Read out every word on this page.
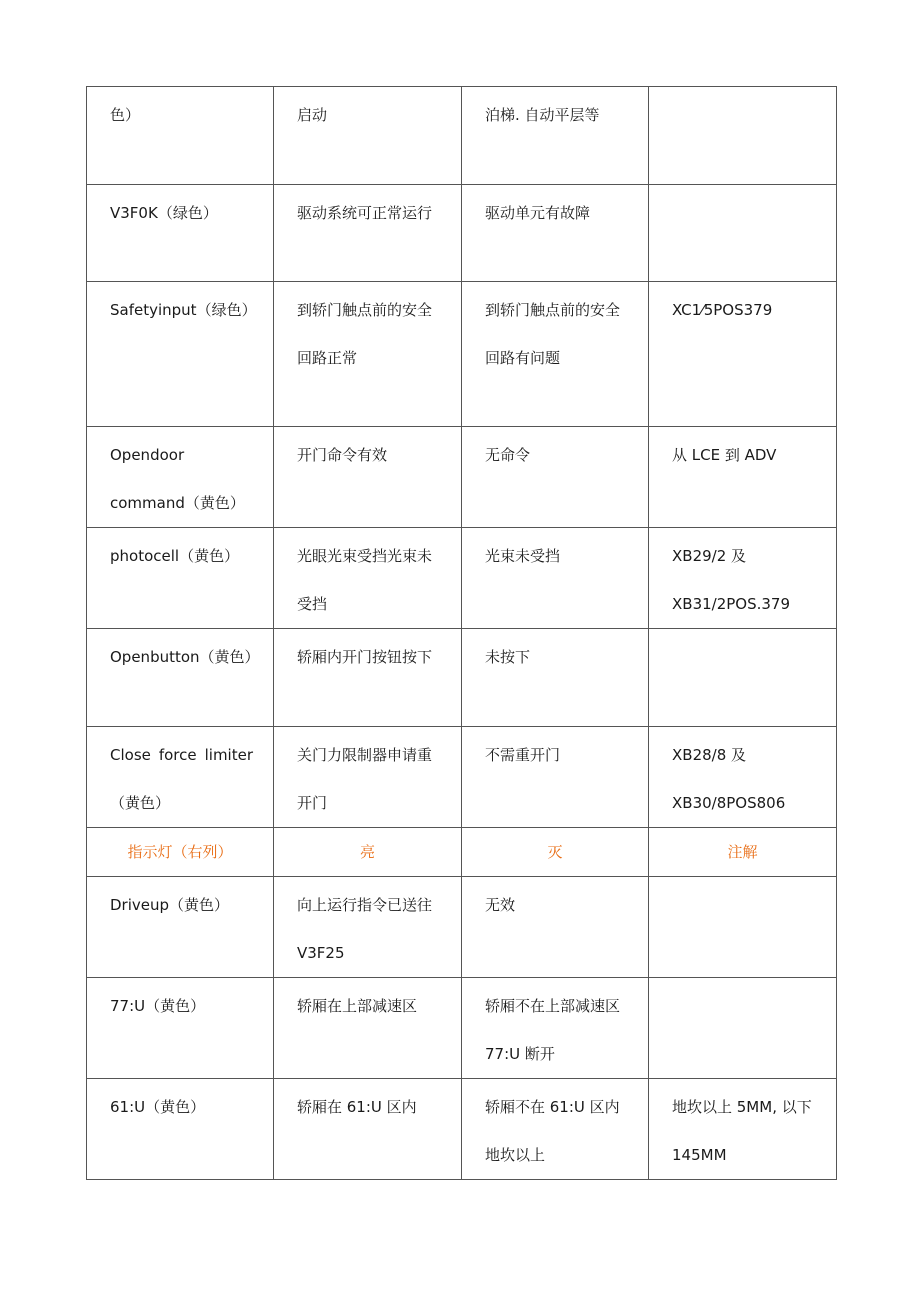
色）	启动	泊梯. 自动平层等	

V3F0K（绿色）	驱动系统可正常运行	驱动单元有故障	

Safetyinput（绿色）	到轿门触点前的安全回路正常	到轿门触点前的安全回路有问题	XC1⁄5POS379

Opendoor command（黄色）	开门命令有效	无命令	从 LCE 到 ADV

photocell（黄色）	光眼光束受挡光束未受挡	光束未受挡	XB29/2 及 XB31/2POS.379

Openbutton（黄色）	轿厢内开门按钮按下	未按下	

Close force limiter（黄色）	关门力限制器申请重开门	不需重开门	XB28/8 及 XB30/8POS806

指示灯（右列）	亮	灭	注解

Driveup（黄色）	向上运行指令已送往 V3F25	无效	

77:U（黄色）	轿厢在上部减速区	轿厢不在上部减速区 77:U 断开	

61:U（黄色）	轿厢在 61:U 区内	轿厢不在 61:U 区内地坎以上	地坎以上 5MM, 以下 145MM
